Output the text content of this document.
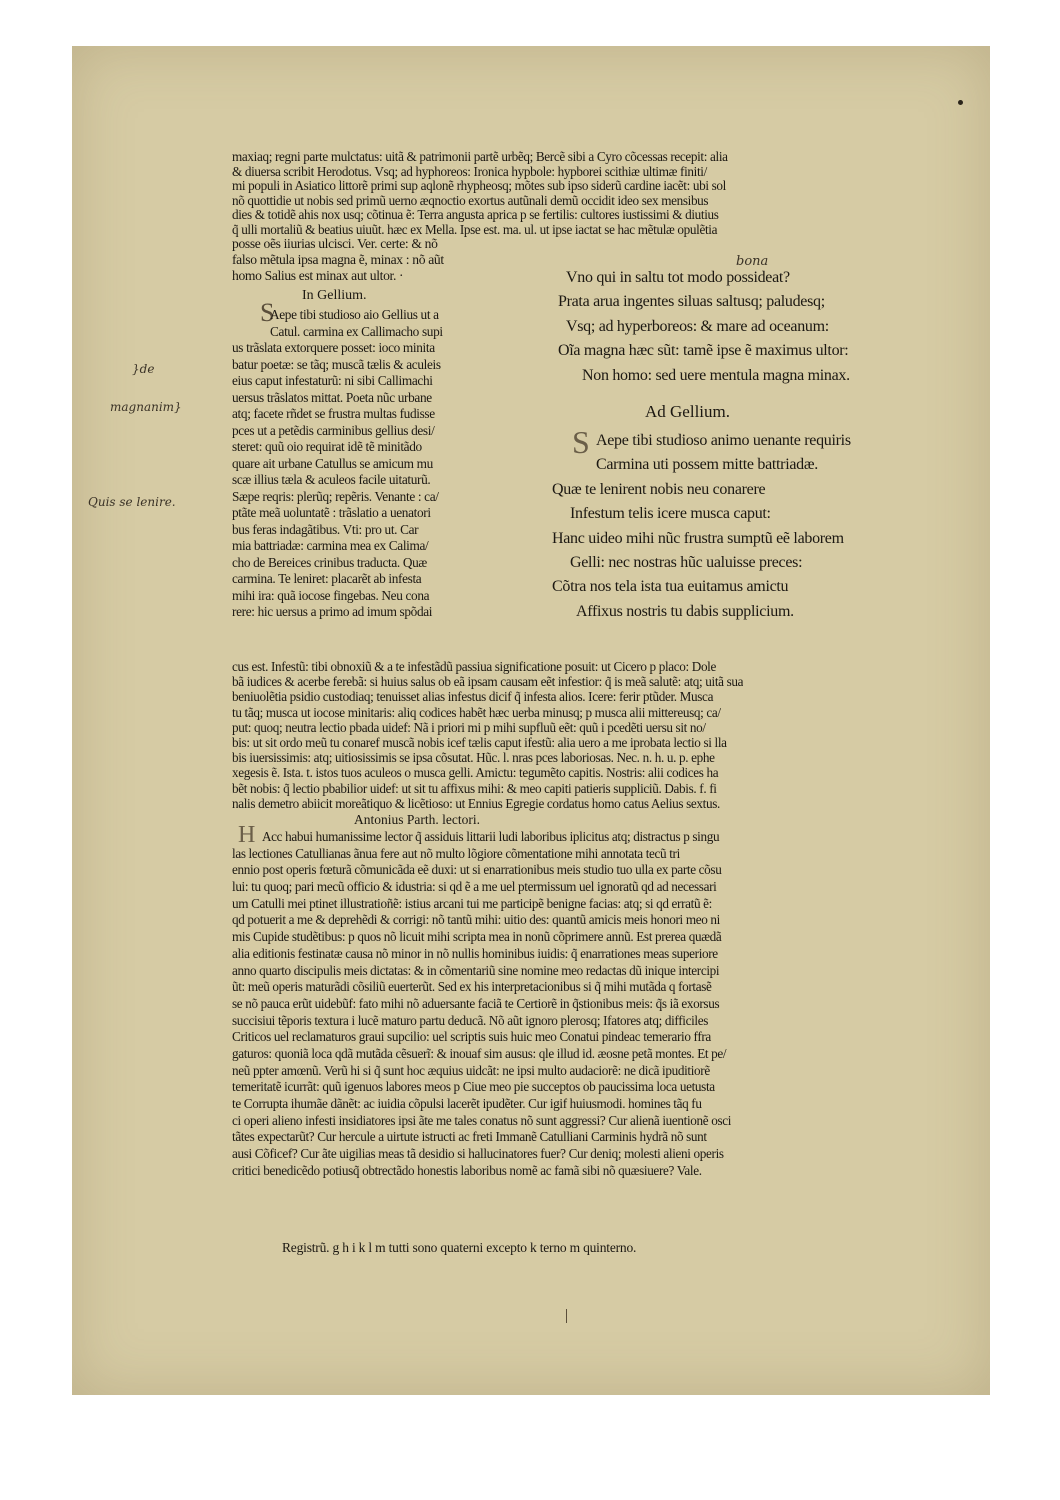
maxiaq; regni parte mulctatus: uitã & patrimonii partẽ urbẽq; Bercẽ sibi a Cyro cõcessas recepit: alia
& diuersa scribit Herodotus. Vsq; ad hyphoreos: Ironica hypbole: hypborei scithiæ ultimæ finiti/
mi populi in Asiatico littorẽ primi sup aqlonẽ rhypheosq; mõtes sub ipso siderũ cardine iacẽt: ubi sol
nõ quottidie ut nobis sed primũ uerno æqnoctio exortus autũnali demũ occidit ideo sex mensibus
dies & totidẽ ahis nox usq; cõtinua ẽ: Terra angusta aprica p se fertilis: cultores iustissimi & diutius
q̃ ulli mortaliũ & beatius uiuũt. hæc ex Mella. Ipse est. ma. ul. ut ipse iactat se hac mẽtulæ opulẽtia
posse oẽs iiurias ulcisci. Ver. certe: & nõ
falso mẽtula ipsa magna ẽ, minax : nõ aũt
homo Salius est minax aut ultor. ·
In Gellium.
S
Aepe tibi studioso aio Gellius ut a
Catul. carmina ex Callimacho supi
us trãslata extorquere posset: ioco minita
batur poetæ: se tãq; muscã tælis & aculeis
eius caput infestaturũ: ni sibi Callimachi
uersus trãslatos mittat. Poeta nũc urbane
atq; facete rñdet se frustra multas fudisse
pces ut a petẽdis carminibus gellius desi/
steret: quũ oio requirat idẽ tẽ minitãdo
quare ait urbane Catullus se amicum mu
scæ illius tæla & aculeos facile uitaturũ.
Sæpe reqris: plerũq; repẽris. Venante : ca/
ptãte meã uoluntatẽ : trãslatio a uenatori
bus feras indagãtibus. Vti: pro ut. Car
mia battriadæ: carmina mea ex Calima/
cho de Bereices crinibus traducta. Quæ
carmina. Te leniret: placarẽt ab infesta
mihi ira: quã iocose fingebas. Neu cona
rere: hic uersus a primo ad imum spõdai
bona
Vno qui in saltu tot modo possideat?
Prata arua ingentes siluas saltusq; paludesq;
Vsq; ad hyperboreos: & mare ad oceanum:
Oĩa magna hæc sũt: tamẽ ipse ẽ maximus ultor:
Non homo: sed uere mentula magna minax.
Ad Gellium.
S Aepe tibi studioso animo uenante requiris
Carmina uti possem mitte battriadæ.
Quæ te lenirent nobis neu conarere
Infestum telis icere musca caput:
Hanc uideo mihi nũc frustra sumptũ eẽ laborem
Gelli: nec nostras hũc ualuisse preces:
Cõtra nos tela ista tua euitamus amictu
Affixus nostris tu dabis supplicium.
cus est. Infestũ: tibi obnoxiũ & a te infestãdũ passiua significatione posuit: ut Cicero p placo: Dole
bã iudices & acerbe ferebã: si huius salus ob eã ipsam causam eẽt infestior: q̃ is meã salutẽ: atq; uitã sua
beniuolẽtia psidio custodiaq; tenuisset alias infestus dicif q̃ infesta alios. Icere: ferir ptũder. Musca
tu tãq; musca ut iocose minitaris: aliq codices habẽt hæc uerba minusq; p musca alii mittereusq; ca/
put: quoq; neutra lectio pbada uidef: Nã i priori mi p mihi supfluũ eẽt: quũ i pcedẽti uersu sit no/
bis: ut sit ordo meũ tu conaref muscã nobis icef tælis caput ifestũ: alia uero a me iprobata lectio si lla
bis iuersissimis: atq; uitiosissimis se ipsa cõsutat. Hũc. l. nras pces laboriosas. Nec. n. h. u. p. ephe
xegesis ẽ. Ista. t. istos tuos aculeos o musca gelli. Amictu: tegumẽto capitis. Nostris: alii codices ha
bẽt nobis: q̃ lectio pbabilior uidef: ut sit tu affixus mihi: & meo capiti patieris suppliciũ. Dabis. f. fi
nalis demetro abiicit moreãtiquo & licẽtioso: ut Ennius Egregie cordatus homo catus Aelius sextus.
Antonius Parth. lectori.
H Acc habui humanissime lector q̃ assiduis littarii ludi laboribus iplicitus atq; distractus p singu
las lectiones Catullianas ãnua fere aut nõ multo lõgiore cõmentatione mihi annotata tecũ tri
ennio post operis fœturã cõmunicãda eẽ duxi: ut si enarrationibus meis studio tuo ulla ex parte cõsu
lui: tu quoq; pari mecũ officio & idustria: si qd ẽ a me uel ptermissum uel ignoratũ qd ad necessari
um Catulli mei ptinet illustratioñẽ: istius arcani tui me participẽ benigne facias: atq; si qd erratũ ẽ:
qd potuerit a me & deprehẽdi & corrigi: nõ tantũ mihi: uitio des: quantũ amicis meis honori meo ni
mis Cupide studẽtibus: p quos nõ licuit mihi scripta mea in nonũ cõprimere annũ. Est prerea quædã
alia editionis festinatæ causa nõ minor in nõ nullis hominibus iuidis: q̃ enarrationes meas superiore
anno quarto discipulis meis dictatas: & in cõmentariũ sine nomine meo redactas dũ inique intercipi
ũt: meũ operis maturãdi cõsiliũ euerterũt. Sed ex his interpretacionibus si q̃ mihi mutãda q fortasẽ
se nõ pauca erũt uidebũf: fato mihi nõ aduersante faciã te Certiorẽ in q̃stionibus meis: q̃s iã exorsus
succisiui tẽporis textura i lucẽ maturo partu deducã. Nõ aũt ignoro plerosq; Ifatores atq; difficiles
Criticos uel reclamaturos graui supcilio: uel scriptis suis huic meo Conatui pindeac temerario ffra
gaturos: quoniã loca qdã mutãda cẽsuerĩ: & inouaf sim ausus: qle illud id. æosne petã montes. Et pe/
neũ ppter amœnũ. Verũ hi si q̃ sunt hoc æquius uidcãt: ne ipsi multo audaciorẽ: ne dicã ipuditiorẽ
temeritatẽ icurrãt: quũ igenuos labores meos p Ciue meo pie succeptos ob paucissima loca uetusta
te Corrupta ihumãe dãnẽt: ac iuidia cõpulsi lacerẽt ipudẽter. Cur igif huiusmodi. homines tãq fu
ci operi alieno infesti insidiatores ipsi ãte me tales conatus nõ sunt aggressi? Cur alienã iuentionẽ osci
tãtes expectarũt? Cur hercule a uirtute istructi ac freti Immanẽ Catulliani Carminis hydrã nõ sunt
ausi Cõficef? Cur ãte uigilias meas tã desidio si hallucinatores fuer? Cur deniq; molesti alieni operis
critici benedicẽdo potiusq̃ obtrectãdo honestis laboribus nomẽ ac famã sibi nõ quæsiuere? Vale.
Registrũ. g h i k l m tutti sono quaterni excepto k terno m quinterno.
}de
magnanim}
Quis se lenire.
